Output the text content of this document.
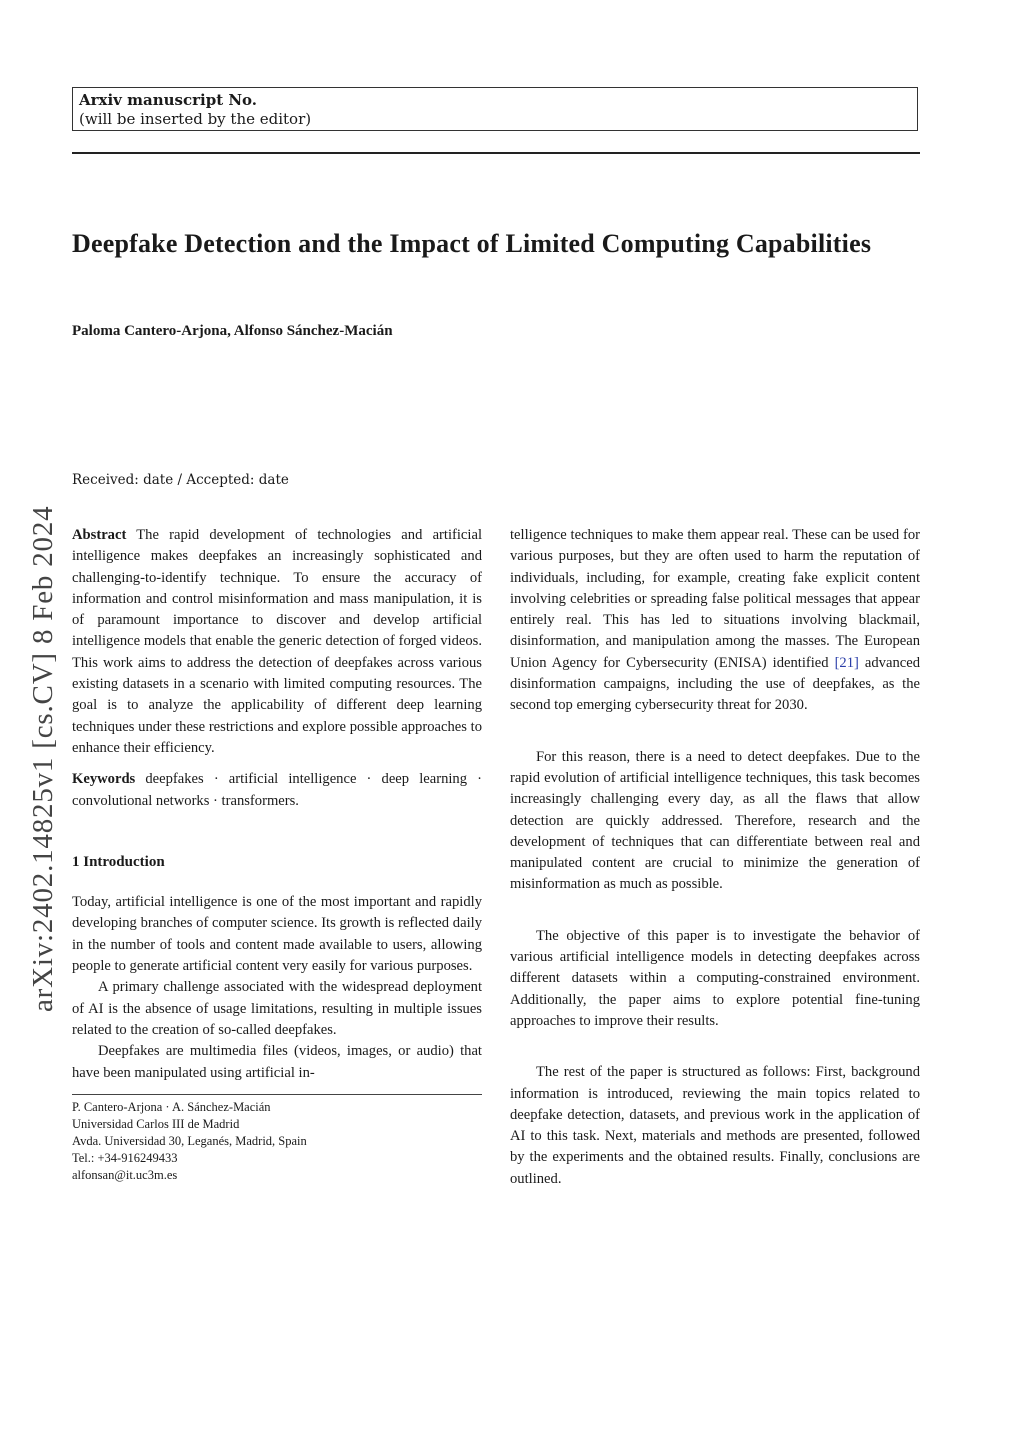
Arxiv manuscript No.
(will be inserted by the editor)
Deepfake Detection and the Impact of Limited Computing Capabilities
Paloma Cantero-Arjona, Alfonso Sánchez-Macián
arXiv:2402.14825v1 [cs.CV] 8 Feb 2024
Received: date / Accepted: date

Abstract The rapid development of technologies and artificial intelligence makes deepfakes an increasingly sophisticated and challenging-to-identify technique. To ensure the accuracy of information and control misinformation and mass manipulation, it is of paramount importance to discover and develop artificial intelligence models that enable the generic detection of forged videos. This work aims to address the detection of deepfakes across various existing datasets in a scenario with limited computing resources. The goal is to analyze the applicability of different deep learning techniques under these restrictions and explore possible approaches to enhance their efficiency.

Keywords deepfakes · artificial intelligence · deep learning · convolutional networks · transformers.

1 Introduction

Today, artificial intelligence is one of the most important and rapidly developing branches of computer science. Its growth is reflected daily in the number of tools and content made available to users, allowing people to generate artificial content very easily for various purposes.

A primary challenge associated with the widespread deployment of AI is the absence of usage limitations, resulting in multiple issues related to the creation of so-called deepfakes.

Deepfakes are multimedia files (videos, images, or audio) that have been manipulated using artificial in-

P. Cantero-Arjona · A. Sánchez-Macián
Universidad Carlos III de Madrid
Avda. Universidad 30, Leganés, Madrid, Spain
Tel.: +34-916249433
alfonsan@it.uc3m.es

telligence techniques to make them appear real. These can be used for various purposes, but they are often used to harm the reputation of individuals, including, for example, creating fake explicit content involving celebrities or spreading false political messages that appear entirely real. This has led to situations involving blackmail, disinformation, and manipulation among the masses. The European Union Agency for Cybersecurity (ENISA) identified [21] advanced disinformation campaigns, including the use of deepfakes, as the second top emerging cybersecurity threat for 2030.

For this reason, there is a need to detect deepfakes. Due to the rapid evolution of artificial intelligence techniques, this task becomes increasingly challenging every day, as all the flaws that allow detection are quickly addressed. Therefore, research and the development of techniques that can differentiate between real and manipulated content are crucial to minimize the generation of misinformation as much as possible.

The objective of this paper is to investigate the behavior of various artificial intelligence models in detecting deepfakes across different datasets within a computing-constrained environment. Additionally, the paper aims to explore potential fine-tuning approaches to improve their results.

The rest of the paper is structured as follows: First, background information is introduced, reviewing the main topics related to deepfake detection, datasets, and previous work in the application of AI to this task. Next, materials and methods are presented, followed by the experiments and the obtained results. Finally, conclusions are outlined.
